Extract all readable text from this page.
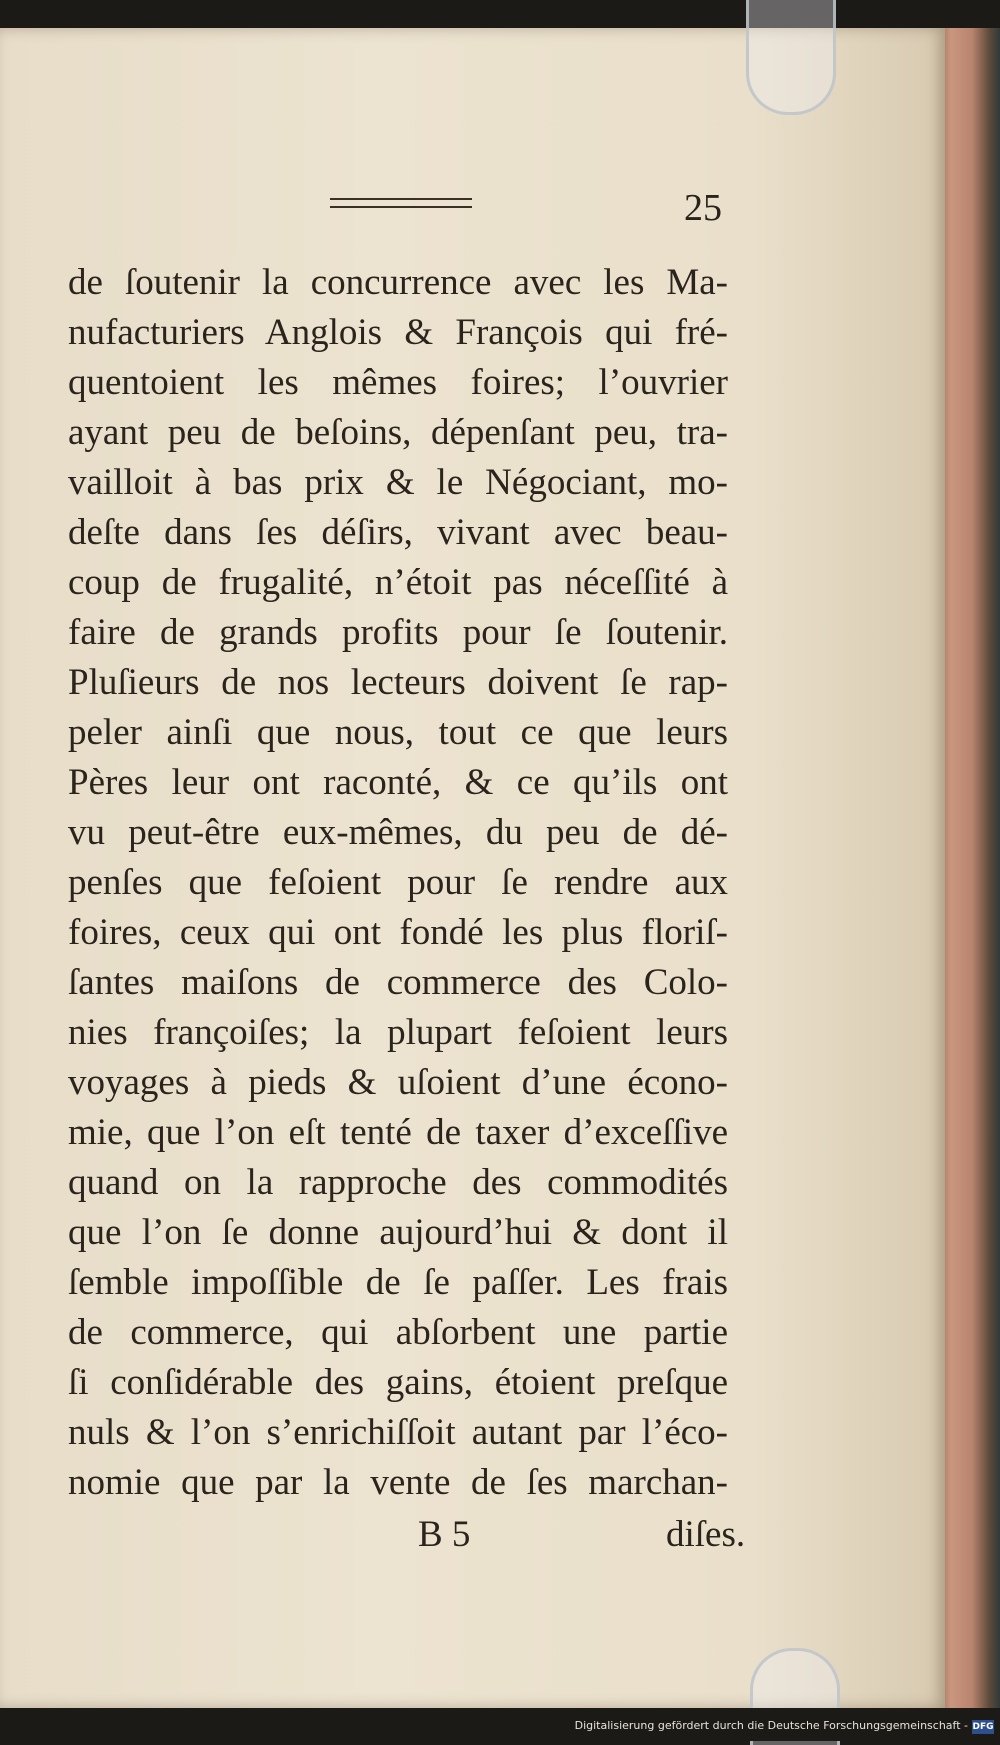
25
de ſoutenir la concurrence avec les Ma-
nufacturiers Anglois & François qui fré-
quentoient les mêmes foires; l’ouvrier
ayant peu de beſoins, dépenſant peu, tra-
vailloit à bas prix & le Négociant, mo-
deſte dans ſes déſirs, vivant avec beau-
coup de frugalité, n’étoit pas néceſſité à
faire de grands profits pour ſe ſoutenir.
Pluſieurs de nos lecteurs doivent ſe rap-
peler ainſi que nous, tout ce que leurs
Pères leur ont raconté, & ce qu’ils ont
vu peut-être eux-mêmes, du peu de dé-
penſes que feſoient pour ſe rendre aux
foires, ceux qui ont fondé les plus floriſ-
ſantes maiſons de commerce des Colo-
nies françoiſes; la plupart feſoient leurs
voyages à pieds & uſoient d’une écono-
mie, que l’on eſt tenté de taxer d’exceſſive
quand on la rapproche des commodités
que l’on ſe donne aujourd’hui & dont il
ſemble impoſſible de ſe paſſer. Les frais
de commerce, qui abſorbent une partie
ſi conſidérable des gains, étoient preſque
nuls & l’on s’enrichiſſoit autant par l’éco-
nomie que par la vente de ſes marchan-
B 5	diſes.
Digitalisierung gefördert durch die Deutsche Forschungsgemeinschaft - DFG
